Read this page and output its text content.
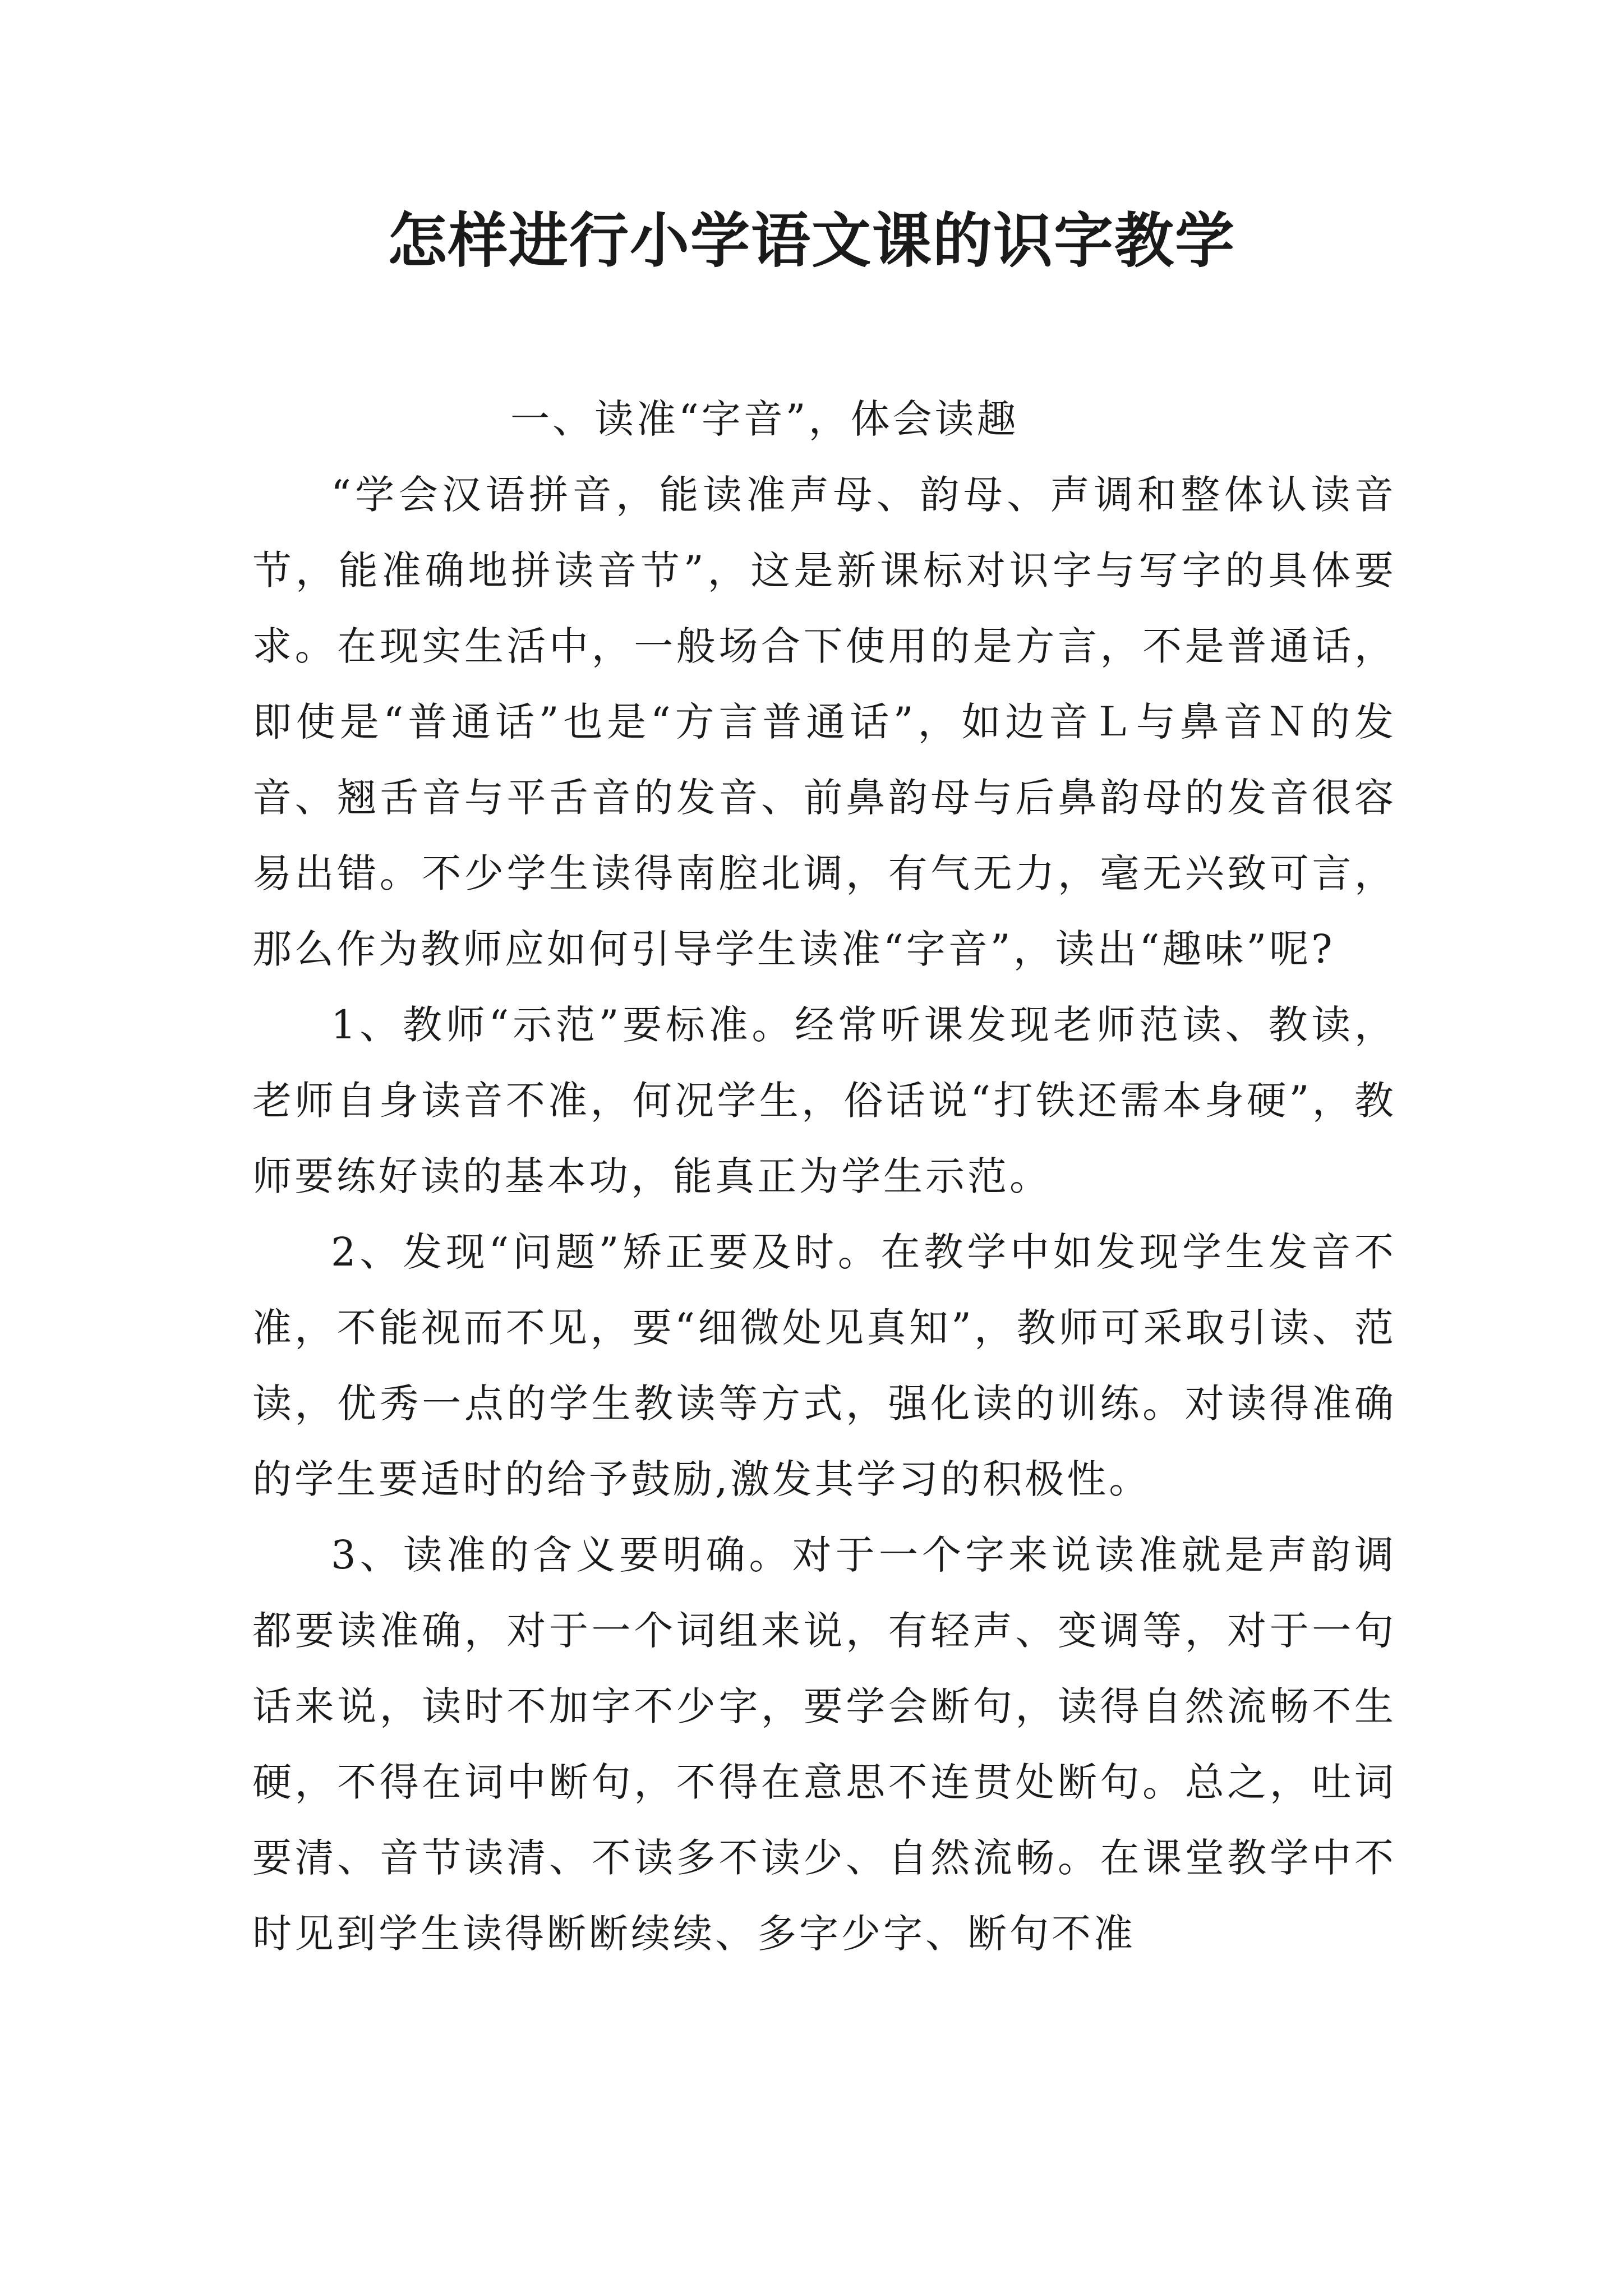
怎样进行小学语文课的识字教学
一、读准“字音”，体会读趣

“学会汉语拼音，能读准声母、韵母、声调和整体认读音节，能准确地拼读音节”，这是新课标对识字与写字的具体要求。在现实生活中，一般场合下使用的是方言，不是普通话，即使是“普通话”也是“方言普通话”，如边音Ｌ与鼻音Ｎ的发音、翘舌音与平舌音的发音、前鼻韵母与后鼻韵母的发音很容易出错。不少学生读得南腔北调，有气无力，毫无兴致可言，那么作为教师应如何引导学生读准“字音”，读出“趣味”呢?

1、教师“示范”要标准。经常听课发现老师范读、教读，老师自身读音不准，何况学生，俗话说“打铁还需本身硬”，教师要练好读的基本功，能真正为学生示范。

2、发现“问题”矫正要及时。在教学中如发现学生发音不准，不能视而不见，要“细微处见真知”，教师可采取引读、范读，优秀一点的学生教读等方式，强化读的训练。对读得准确的学生要适时的给予鼓励,激发其学习的积极性。

3、读准的含义要明确。对于一个字来说读准就是声韵调都要读准确，对于一个词组来说，有轻声、变调等，对于一句话来说，读时不加字不少字，要学会断句，读得自然流畅不生硬，不得在词中断句，不得在意思不连贯处断句。总之，吐词要清、音节读清、不读多不读少、自然流畅。在课堂教学中不时见到学生读得断断续续、多字少字、断句不准
